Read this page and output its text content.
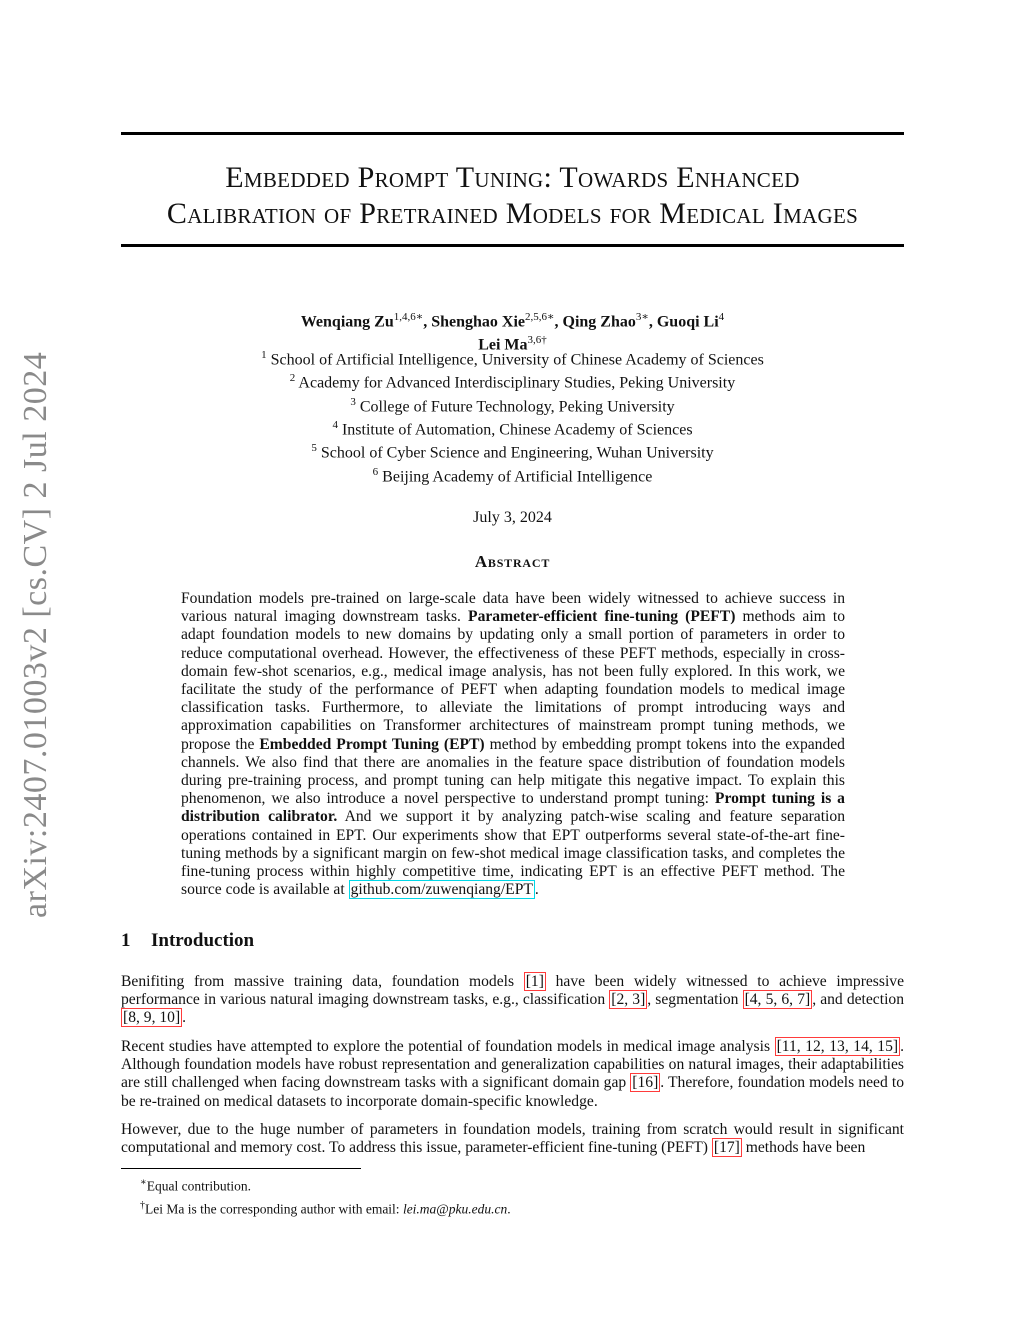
arXiv:2407.01003v2 [cs.CV] 2 Jul 2024
Embedded Prompt Tuning: Towards Enhanced
Calibration of Pretrained Models for Medical Images
Wenqiang $Zu^{1,4,6∗}$, Shenghao Xie$^{2,5,6∗}$, Qing Zhao$^{3∗}$, Guoqi Li$^4$
Lei $Ma^{3,6\dagger}$
$^1$ School of Artificial Intelligence, University of Chinese Academy of Sciences
$^2$ Academy for Advanced Interdisciplinary Studies, Peking University
$^3$ College of Future Technology, Peking University
$^4$ Institute of Automation, Chinese Academy of Sciences
$^5$ School of Cyber Science and Engineering, Wuhan University
$^6$ Beijing Academy of Artificial Intelligence
July 3, 2024
Abstract
Foundation models pre-trained on large-scale data have been widely witnessed to achieve success in various natural imaging downstream tasks. Parameter-efficient fine-tuning (PEFT) methods aim to adapt foundation models to new domains by updating only a small portion of parameters in order to reduce computational overhead. However, the effectiveness of these PEFT methods, especially in cross-domain few-shot scenarios, e.g., medical image analysis, has not been fully explored. In this work, we facilitate the study of the performance of PEFT when adapting foundation models to medical image classification tasks. Furthermore, to alleviate the limitations of prompt introducing ways and approximation capabilities on Transformer architectures of mainstream prompt tuning methods, we propose the Embedded Prompt Tuning (EPT) method by embedding prompt tokens into the expanded channels. We also find that there are anomalies in the feature space distribution of foundation models during pre-training process, and prompt tuning can help mitigate this negative impact. To explain this phenomenon, we also introduce a novel perspective to understand prompt tuning: Prompt tuning is a distribution calibrator. And we support it by analyzing patch-wise scaling and feature separation operations contained in EPT. Our experiments show that EPT outperforms several state-of-the-art fine-tuning methods by a significant margin on few-shot medical image classification tasks, and completes the fine-tuning process within highly competitive time, indicating EPT is an effective PEFT method. The source code is available at github.com/zuwenqiang/EPT .
1 Introduction
Benifiting from massive training data, foundation models [1] have been widely witnessed to achieve impressive performance in various natural imaging downstream tasks, e.g., classification [2, 3] , segmentation [4, 5, 6, 7] , and detection [8, 9, 10] .
Recent studies have attempted to explore the potential of foundation models in medical image analysis [11, 12, 13, 14, 15] . Although foundation models have robust representation and generalization capabilities on natural images, their adaptabilities are still challenged when facing downstream tasks with a significant domain gap [16] . Therefore, foundation models need to be re-trained on medical datasets to incorporate domain-specific knowledge.
However, due to the huge number of parameters in foundation models, training from scratch would result in significant computational and memory cost. To address this issue, parameter-efficient fine-tuning (PEFT) [17] methods have been
∗Equal contribution.
†Lei Ma is the corresponding author with email: lei.ma@pku.edu.cn.
